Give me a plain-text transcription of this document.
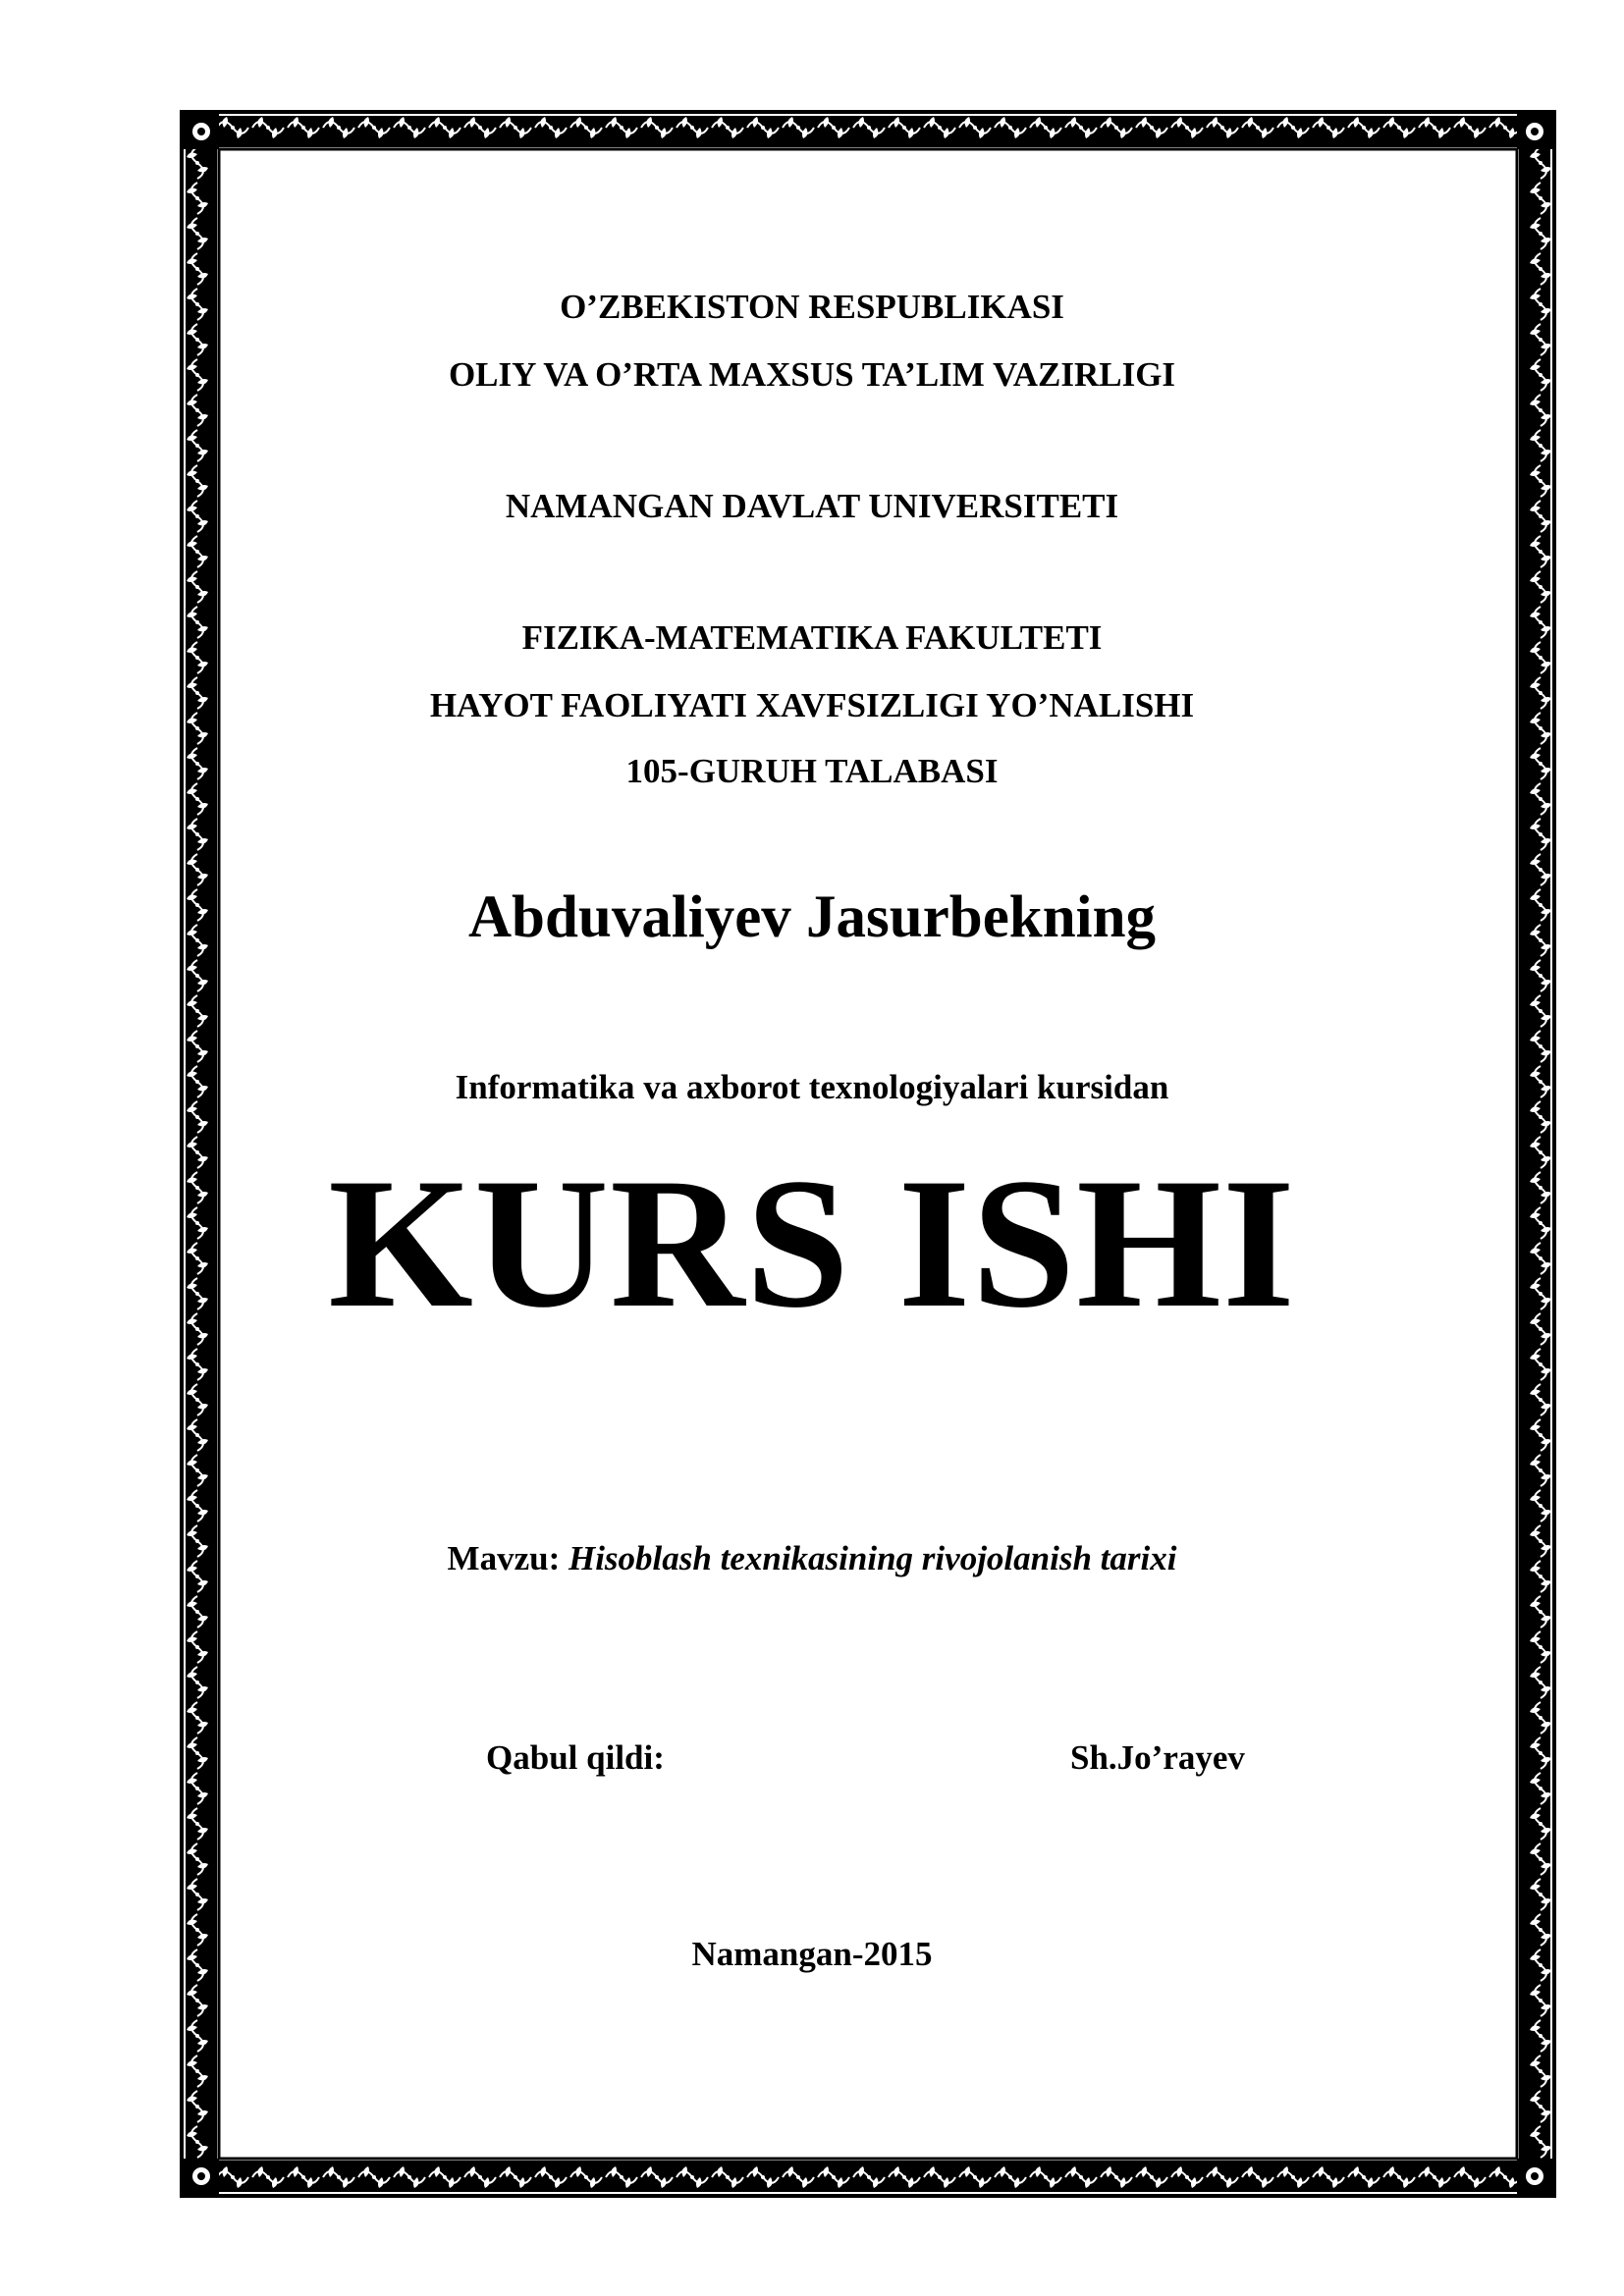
O’ZBEKISTON RESPUBLIKASI
OLIY VA O’RTA MAXSUS TA’LIM VAZIRLIGI
NAMANGAN DAVLAT UNIVERSITETI
FIZIKA-MATEMATIKA FAKULTETI
HAYOT FAOLIYATI XAVFSIZLIGI YO’NALISHI
105-GURUH TALABASI
Abduvaliyev Jasurbekning
Informatika va axborot texnologiyalari kursidan
KURS ISHI
Mavzu: Hisoblash texnikasining rivojolanish tarixi
Qabul qildi:	Sh.Jo’rayev
Namangan-2015
